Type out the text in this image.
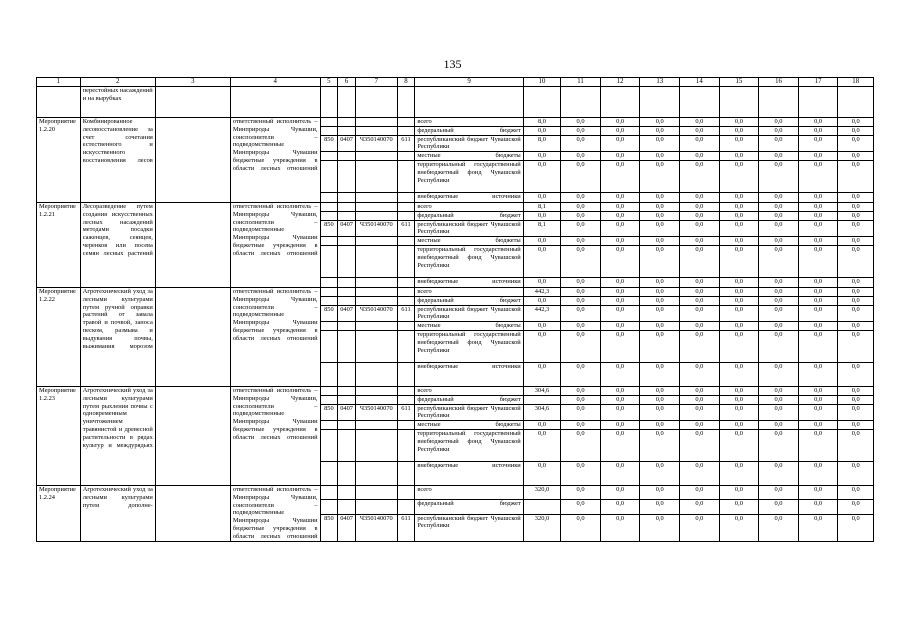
135
1	2	3	4	5	6	7	8	9	10	11	12	13	14	15	16	17	18
	перестойных насаждений и на вырубках																
Мероприятие 1.2.20	Комбинированное лесовосстановление за счет сочетания естественного и искусственного восстановления лесов		ответственный исполнитель – Минприроды Чувашии, соисполнители – подведомственные Минприроды Чувашии бюджетные учреждения в области лесных отношений					всего	8,0	0,0	0,0	0,0	0,0	0,0	0,0	0,0	0,0
								федеральный бюджет	0,0	0,0	0,0	0,0	0,0	0,0	0,0	0,0	0,0
				850	0407	Ч350140070	611	республиканский бюджет Чувашской Республики	8,0	0,0	0,0	0,0	0,0	0,0	0,0	0,0	0,0
								местные бюджеты	0,0	0,0	0,0	0,0	0,0	0,0	0,0	0,0	0,0
								территориальный государственный внебюджетный фонд Чувашской Республики	0,0	0,0	0,0	0,0	0,0	0,0	0,0	0,0	0,0
								внебюджетные источники	0,0	0,0	0,0	0,0	0,0	0,0	0,0	0,0	0,0
Мероприятие 1.2.21	Лесоразведение путем создания искусственных лесных насаждений методами посадки саженцев, сеянцев, черенков или посева семян лесных растений		ответственный исполнитель – Минприроды Чувашии, соисполнители – подведомственные Минприроды Чувашии бюджетные учреждения в области лесных отношений					всего	8,1	0,0	0,0	0,0	0,0	0,0	0,0	0,0	0,0
								федеральный бюджет	0,0	0,0	0,0	0,0	0,0	0,0	0,0	0,0	0,0
				850	0407	Ч350140070	611	республиканский бюджет Чувашской Республики	8,1	0,0	0,0	0,0	0,0	0,0	0,0	0,0	0,0
								местные бюджеты	0,0	0,0	0,0	0,0	0,0	0,0	0,0	0,0	0,0
								территориальный государственный внебюджетный фонд Чувашской Республики	0,0	0,0	0,0	0,0	0,0	0,0	0,0	0,0	0,0
								внебюджетные источники	0,0	0,0	0,0	0,0	0,0	0,0	0,0	0,0	0,0
Мероприятие 1.2.22	Агротехнический уход за лесными культурами путем ручной оправки растений от завала травой и почвой, заноса песком, размыва и выдувания почвы, выжимания морозом		ответственный исполнитель – Минприроды Чувашии, соисполнители – подведомственные Минприроды Чувашии бюджетные учреждения в области лесных отношений					всего	442,3	0,0	0,0	0,0	0,0	0,0	0,0	0,0	0,0
								федеральный бюджет	0,0	0,0	0,0	0,0	0,0	0,0	0,0	0,0	0,0
				850	0407	Ч350140070	611	республиканский бюджет Чувашской Республики	442,3	0,0	0,0	0,0	0,0	0,0	0,0	0,0	0,0
								местные бюджеты	0,0	0,0	0,0	0,0	0,0	0,0	0,0	0,0	0,0
								территориальный государственный внебюджетный фонд Чувашской Республики	0,0	0,0	0,0	0,0	0,0	0,0	0,0	0,0	0,0
								внебюджетные источники	0,0	0,0	0,0	0,0	0,0	0,0	0,0	0,0	0,0
Мероприятие 1.2.23	Агротехнический уход за лесными культурами путем рыхления почвы с одновременным уничтожением травянистой и древесной растительности в рядах культур и междурядьях		ответственный исполнитель – Минприроды Чувашии, соисполнители – подведомственные Минприроды Чувашии бюджетные учреждения в области лесных отношений					всего	304,6	0,0	0,0	0,0	0,0	0,0	0,0	0,0	0,0
								федеральный бюджет		0,0	0,0	0,0	0,0	0,0	0,0	0,0	0,0
				850	0407	Ч350140070	611	республиканский бюджет Чувашской Республики	304,6	0,0	0,0	0,0	0,0	0,0	0,0	0,0	0,0
								местные бюджеты	0,0	0,0	0,0	0,0	0,0	0,0	0,0	0,0	0,0
								территориальный государственный внебюджетный фонд Чувашской Республики	0,0	0,0	0,0	0,0	0,0	0,0	0,0	0,0	0,0
								внебюджетные источники	0,0	0,0	0,0	0,0	0,0	0,0	0,0	0,0	0,0
Мероприятие 1.2.24	Агротехнический уход за лесными культурами путем дополне-		ответственный исполнитель – Минприроды Чувашии, соисполнители – подведомственные Минприроды Чувашии бюджетные учреждения в области лесных отношений					всего	320,0	0,0	0,0	0,0	0,0	0,0	0,0	0,0	0,0
								федеральный бюджет		0,0	0,0	0,0	0,0	0,0	0,0	0,0	0,0
				850	0407	Ч350140070	611	республиканский бюджет Чувашской Республики	320,0	0,0	0,0	0,0	0,0	0,0	0,0	0,0	0,0
